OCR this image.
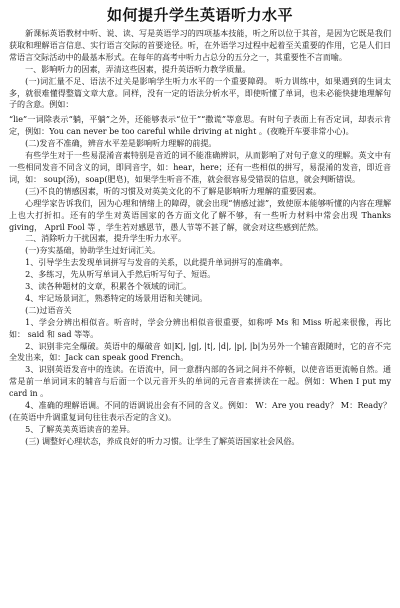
如何提升学生英语听力水平

新课标英语教材中听、说、读、写是英语学习的四项基本技能，听之所以位于其首，是因为它既是我们获取和理解语言信息、实行语言交际的首要途径。听，在外语学习过程中起着至关重要的作用，它是人们日常语言交际活动中的最基本形式。在每年的高考中听力占总分的五分之一，其重要性不言而喻。

一、影响听力的因素，弄清这些因素，提升英语听力教学质量。

(一)词汇量不足、语法不过关是影响学生听力水平的一个重要障碍。 听力训练中，如果遇到的生词太多，就很难懂得整篇文章大意。同样，没有一定的语法分析水平，即使听懂了单词，也未必能快捷地理解句子的含意。例如：

“lie”一词除表示“躺，平躺”之外，还能够表示“位于”“撒谎”等意思。有时句子表面上有否定词，却表示肯定，例如：You can never be too careful while driving at night 。(夜晚开车要非常小心)。

(二)发音不准确，辨音水平差是影响听力理解的前提。

有些学生对于一些易混淆音素特别是音近的词不能准确辨识，从而影响了对句子意义的理解。英文中有一些相同发音不同含义的词，即同音字，如：hear，here；还有一些相似的拼写，易混淆的发音，即近音词，如： soup(汤)，soap(肥皂)，如果学生听音不准，就会很容易受错误的信息，就会判断错误。

(三)不良的情感因素，听的习惯及对英美文化的不了解是影响听力理解的重要因素。

心理学家告诉我们，因为心理和情绪上的障碍，就会出现“情感过滤”，致使原本能够听懂的内容在理解上也大打折扣。还有的学生对英语国家的各方面文化了解不够，有一些听力材料中常会出现 Thanks giving， April Fool 等 ，学生若对感恩节，愚人节等不甚了解，就会对这些感到茫然。

二、消除听力干扰因素，提升学生听力水平。

(一)夯实基础，协助学生过好词汇关。

1、引导学生去发现单词拼写与发音的关系，以此提升单词拼写的准确率。

2、多练习，先从听写单词入手然后听写句子、短语。

3、读各种题材的文章，积累各个领域的词汇。

4、牢记场景词汇，熟悉特定的场景用语和关键词。

(二)过语音关

1、学会分辨出相似音。听音时，学会分辨出相似音很重要，如称呼 Ms 和 Miss 听起来很像，再比如： said 和 sad 等等。

2、识别非完全爆破。英语中的爆破音 如|K|, |g|, |t|, |d|, |p|, |b|为另外一个辅音跟随时，它的音不完全发出来，如：Jack can speak good French。

3、识别英语发音中的连读。在语流中，同一意群内部的各词之间并不停顿，以使音语更流畅自然。通常是前一单词词末的辅音与后面一个以元音开头的单词的元音音素拼读在一起。例如：When I put my card in 。

4、准确的理解语调。不同的语调说出会有不同的含义。例如： W：Are you ready？ M：Ready？(在英语中升调重复词句往往表示否定的含义)。

5、了解英美英语读音的差异。

(三) 调整好心理状态，养成良好的听力习惯。让学生了解英语国家社会风俗。
